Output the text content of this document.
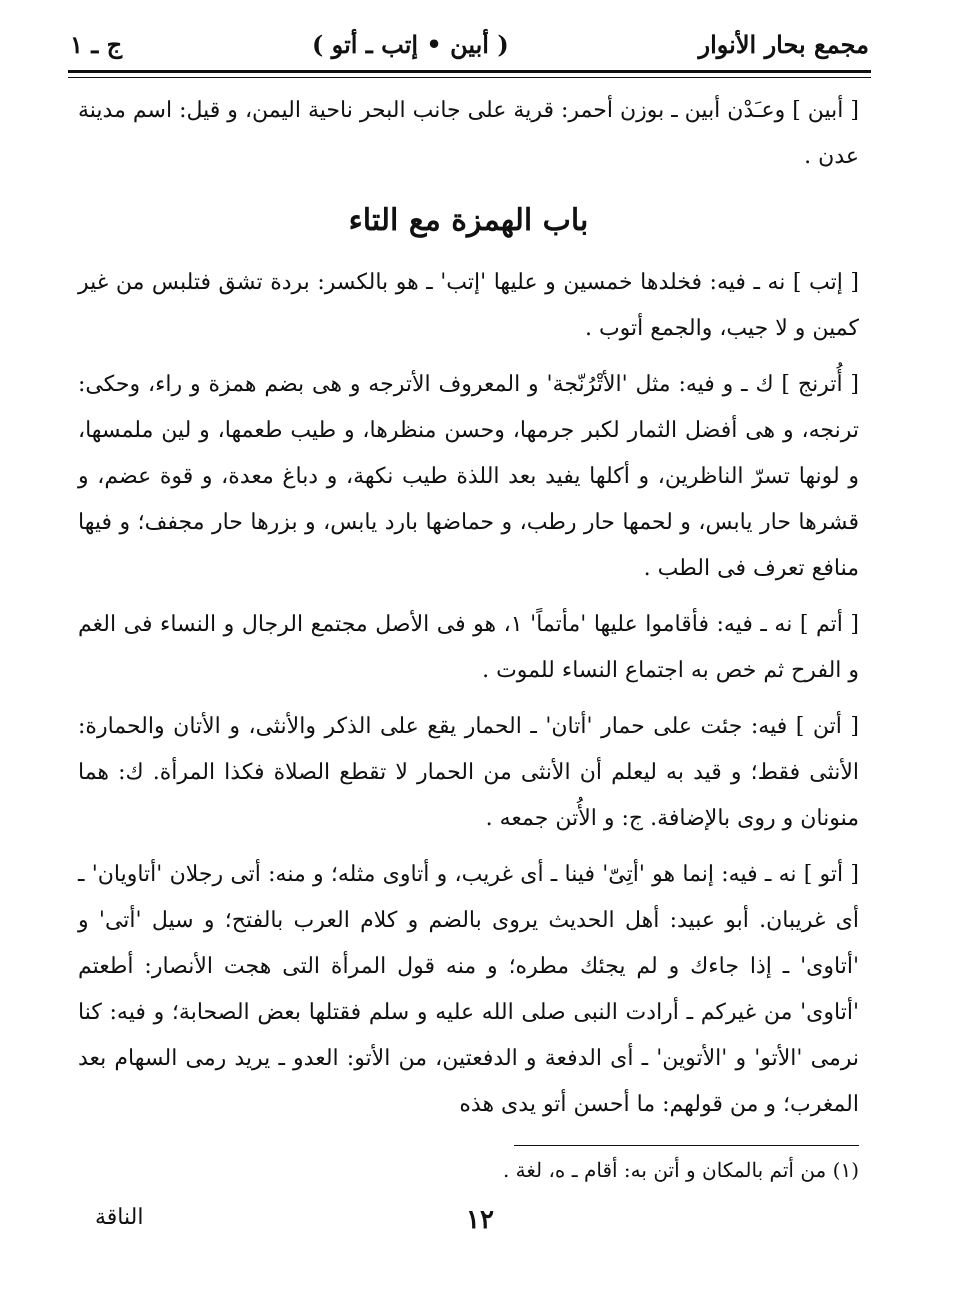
مجمع بحار الأنوار
( أبين • إتب ـ أتو )
ج ـ ١

[ أبين ] وعـَدْن أبين ـ بوزن أحمر: قرية على جانب البحر ناحية اليمن، و قيل: اسم مدينة عدن .

باب الهمزة مع التاء

[ إتب ] نه ـ فيه: فخلدها خمسين و عليها 'إتب' ـ هو بالكسر: بردة تشق فتلبس من غير كمين و لا جيب، والجمع أتوب .

[ أُترنج ] ك ـ و فيه: مثل 'الأتْرُنّجة' و المعروف الأترجه و هى بضم همزة و راء، وحكى: ترنجه، و هى أفضل الثمار لكبر جرمها، وحسن منظرها، و طيب طعمها، و لين ملمسها، و لونها تسرّ الناظرين، و أكلها يفيد بعد اللذة طيب نكهة، و دباغ معدة، و قوة عضم، و قشرها حار يابس، و لحمها حار رطب، و حماضها بارد يابس، و بزرها حار مجفف؛ و فيها منافع تعرف فى الطب .

[ أتم ] نه ـ فيه: فأقاموا عليها 'مأتماً' ١، هو فى الأصل مجتمع الرجال و النساء فى الغم و الفرح ثم خص به اجتماع النساء للموت .

[ أتن ] فيه: جئت على حمار 'أتان' ـ الحمار يقع على الذكر والأنثى، و الأتان والحمارة: الأنثى فقط؛ و قيد به ليعلم أن الأنثى من الحمار لا تقطع الصلاة فكذا المرأة. ك: هما منونان و روى بالإضافة. ج: و الأُتن جمعه .

[ أتو ] نه ـ فيه: إنما هو 'أتِىّ' فينا ـ أى غريب، و أتاوى مثله؛ و منه: أتى رجلان 'أتاويان' ـ أى غريبان. أبو عبيد: أهل الحديث يروى بالضم و كلام العرب بالفتح؛ و سيل 'أتى' و 'أتاوى' ـ إذا جاءك و لم يجئك مطره؛ و منه قول المرأة التى هجت الأنصار: أطعتم 'أتاوى' من غيركم ـ أرادت النبى صلى الله عليه و سلم فقتلها بعض الصحابة؛ و فيه: كنا نرمى 'الأتو' و 'الأتوين' ـ أى الدفعة و الدفعتين، من الأتو: العدو ـ يريد رمى السهام بعد المغرب؛ و من قولهم: ما أحسن أتو يدى هذه

(١) من أتم بالمكان و أتن به: أقام ـ ه، لغة .
١٢
الناقة
